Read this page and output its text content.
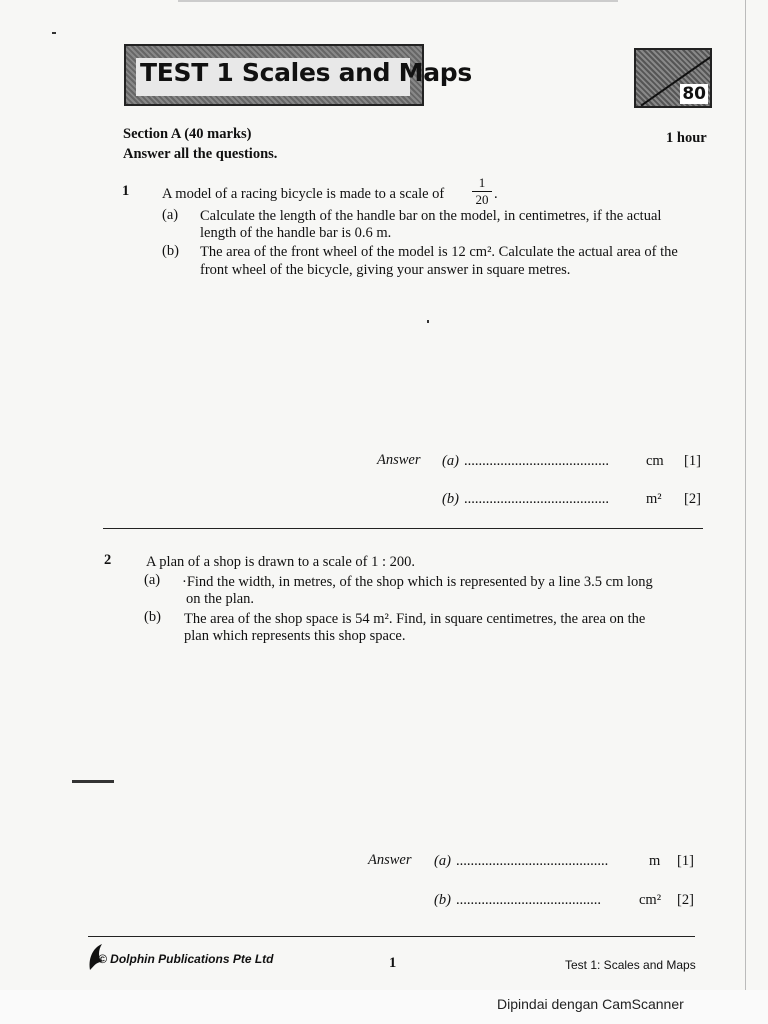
TEST 1 Scales and Maps
80
Section A (40 marks)
Answer all the questions.
1 hour
1 A model of a racing bicycle is made to a scale of
1
20 .
(a) Calculate the length of the handle bar on the model, in centimetres, if the actual
length of the handle bar is 0.6 m.
(b) The area of the front wheel of the model is 12 cm². Calculate the actual area of the
front wheel of the bicycle, giving your answer in square metres.
Answer (a) ........................................	cm [1]
(b) ........................................	m² [2]
2 A plan of a shop is drawn to a scale of 1 : 200.
(a) ·Find the width, in metres, of the shop which is represented by a line 3.5 cm long
on the plan.
(b) The area of the shop space is 54 m². Find, in square centimetres, the area on the
plan which represents this shop space.
Answer (a) ..........................................	m [1]
(b) ........................................	cm² [2]
© Dolphin Publications Pte Ltd	1	Test 1: Scales and Maps
Dipindai dengan CamScanner
